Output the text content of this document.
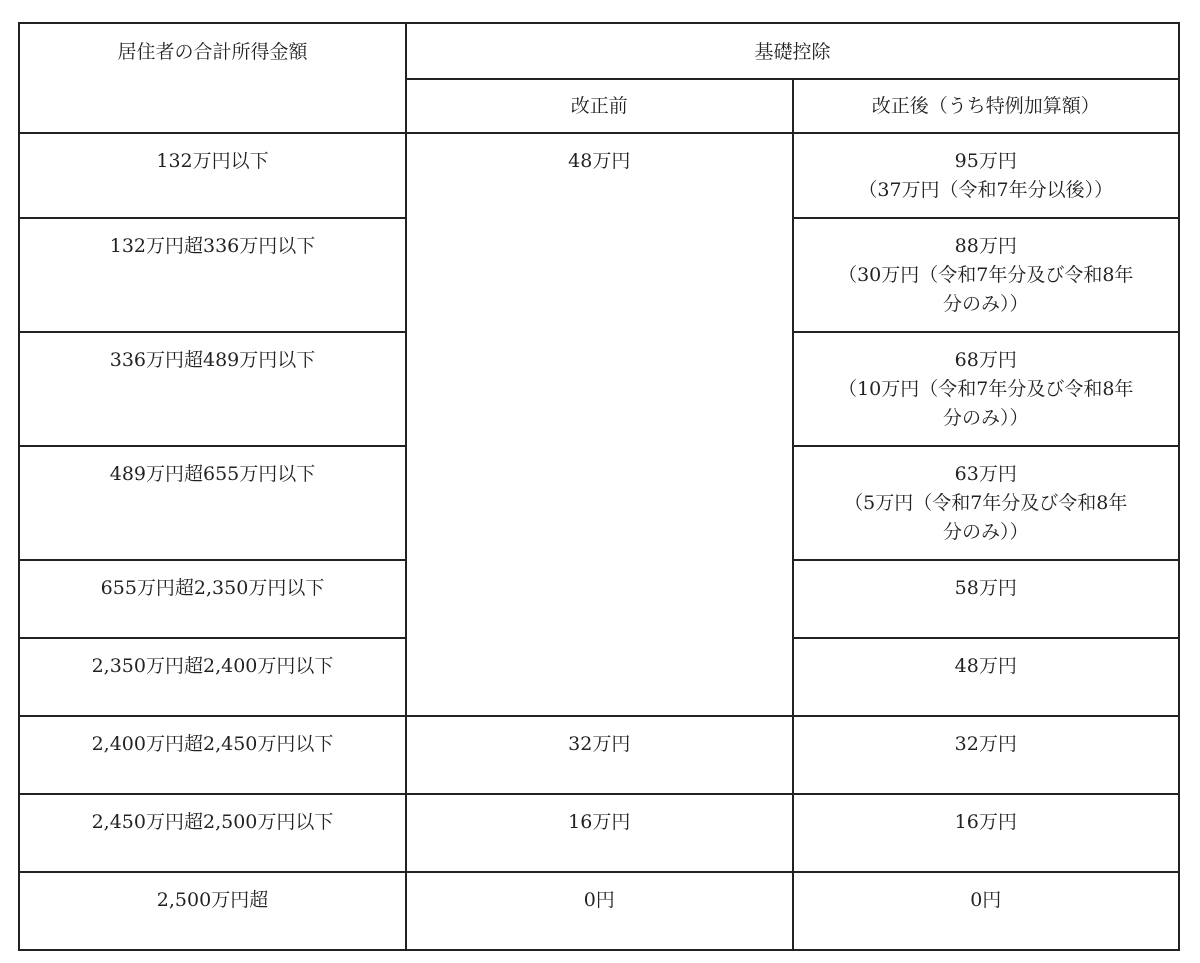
居住者の合計所得金額	基礎控除	
	改正前	改正後（うち特例加算額）
132万円以下	48万円	95万円
（37万円（令和7年分以後））

132万円超336万円以下		88万円
（30万円（令和7年分及び令和8年分のみ））

336万円超489万円以下		68万円
（10万円（令和7年分及び令和8年分のみ））

489万円超655万円以下		63万円
（5万円（令和7年分及び令和8年分のみ））

655万円超2,350万円以下		58万円

2,350万円超2,400万円以下		48万円

2,400万円超2,450万円以下	32万円	32万円

2,450万円超2,500万円以下	16万円	16万円

2,500万円超	0円	0円
